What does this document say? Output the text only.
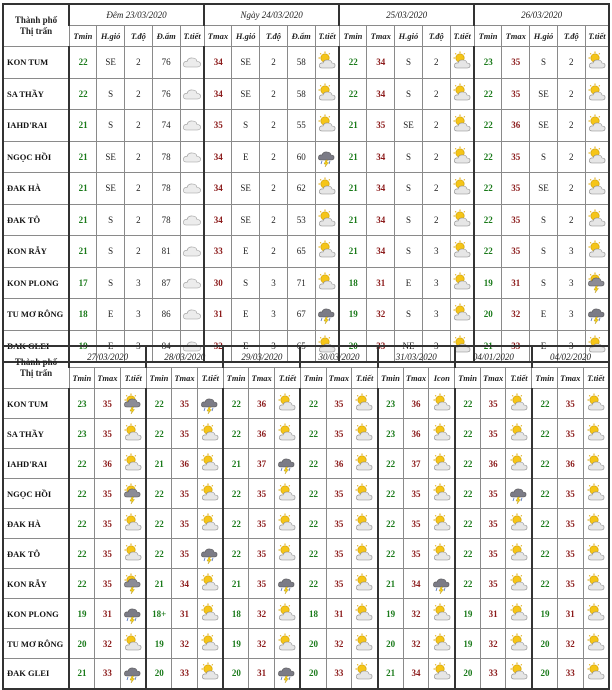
Thành phố
Thị trấn	Đêm 23/03/2020					Ngày 24/03/2020					25/03/2020					26/03/2020				
	Tmin	H.gió	T.độ	Đ.ẩm	T.tiết	Tmax	H.gió	T.độ	Đ.ẩm	T.tiết	Tmin	Tmax	H.gió	T.độ	T.tiết	Tmin	Tmax	H.gió	T.độ	T.tiết
KON TUM	22	SE	2	76		34	SE	2	58		22	34	S	2		23	35	S	2	

SA THẦY	22	S	2	76		34	SE	2	58		22	34	S	2		22	35	SE	2	

IAHD'RAI	21	S	2	74		35	S	2	55		21	35	SE	2		22	36	SE	2	

NGỌC HỒI	21	SE	2	78		34	E	2	60		21	34	S	2		22	35	S	2	

ĐAK HÀ	21	SE	2	78		34	SE	2	62		21	34	S	2		22	35	SE	2	

ĐAK TÔ	21	S	2	78		34	SE	2	53		21	34	S	2		22	35	S	2	

KON RẪY	21	S	2	81		33	E	2	65		21	34	S	3		22	35	S	3	

KON PLONG	17	S	3	87		30	S	3	71		18	31	E	3		19	31	S	3	

TU MƠ RÔNG	18	E	3	86		31	E	3	67		19	32	S	3		20	32	E	3	

ĐAK GLEI	19	E	3	84		32	E	3	65		20	33	NE	3		21	33	E	3	
Thành phố
Thị trấn	27/03/2020			28/03/2020			29/03/2020			30/03/2020			31/03/2020			04/01/2020			04/02/2020		
	Tmin	Tmax	T.tiết	Tmin	Tmax	T.tiết	Tmin	Tmax	T.tiết	Tmin	Tmax	T.tiết	Tmin	Tmax	Icon	Tmin	Tmax	T.tiết	Tmin	Tmax	T.tiết
KON TUM	23	35		22	35		22	36		22	35		23	36		22	35		22	35	

SA THẦY	23	35		22	35		22	36		22	35		23	36		22	35		22	35	

IAHD'RAI	22	36		21	36		21	37		22	36		22	37		22	36		22	36	

NGỌC HỒI	22	35		22	35		22	35		22	35		22	35		22	35		22	35	

ĐAK HÀ	22	35		22	35		22	35		22	35		22	35		22	35		22	35	

ĐAK TÔ	22	35		22	35		22	35		22	35		22	35		22	35		22	35	

KON RẪY	22	35		21	34		21	35		22	35		21	34		22	35		22	35	

KON PLONG	19	31		18+	31		18	32		18	31		19	32		19	31		19	31	

TU MƠ RÔNG	20	32		19	32		19	32		20	32		20	32		19	32		20	32	

ĐAK GLEI	21	33		20	33		20	31		20	33		21	34		20	33		20	33	
